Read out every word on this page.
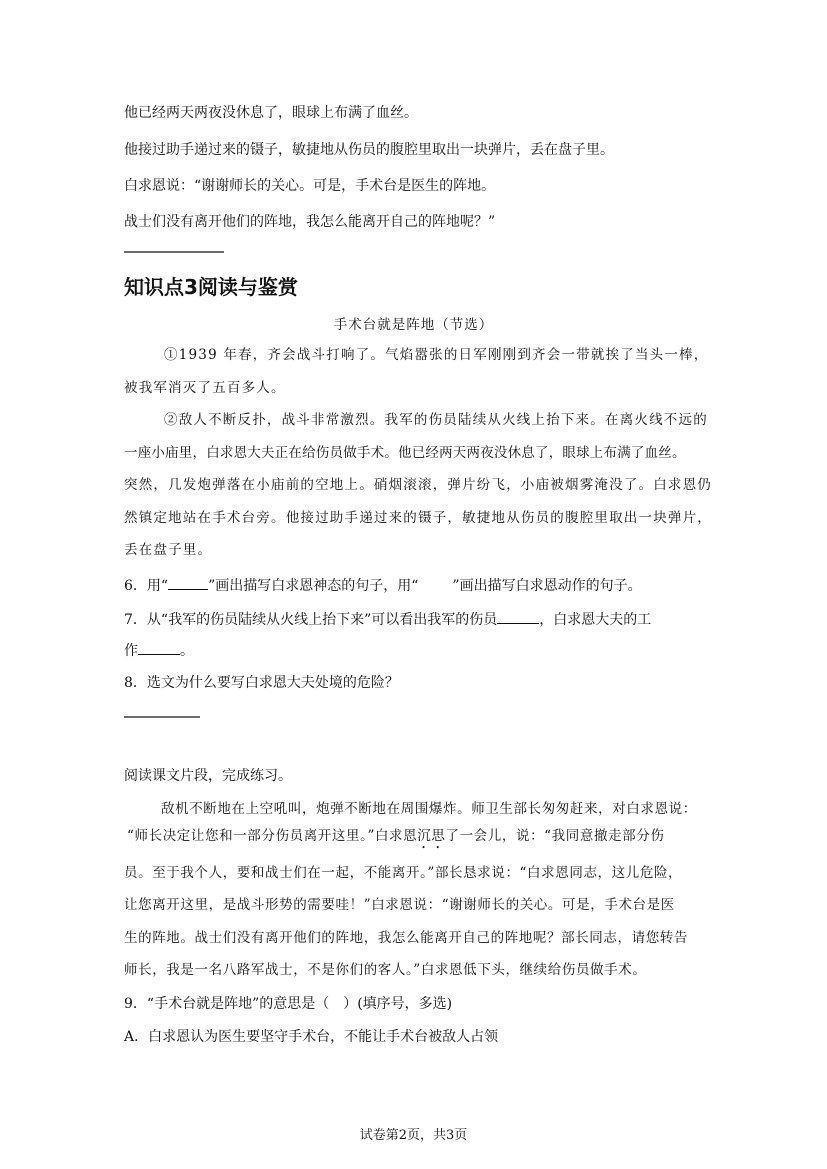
他已经两天两夜没休息了，眼球上布满了血丝。
他接过助手递过来的镊子，敏捷地从伤员的腹腔里取出一块弹片，丢在盘子里。
白求恩说：“谢谢师长的关心。可是，手术台是医生的阵地。
战士们没有离开他们的阵地，我怎么能离开自己的阵地呢？”
知识点3阅读与鉴赏
手术台就是阵地（节选）
①1939 年春，齐会战斗打响了。气焰嚣张的日军刚刚到齐会一带就挨了当头一棒，
被我军消灭了五百多人。
②敌人不断反扑，战斗非常激烈。我军的伤员陆续从火线上抬下来。在离火线不远的
一座小庙里，白求恩大夫正在给伤员做手术。他已经两天两夜没休息了，眼球上布满了血丝。
突然，几发炮弹落在小庙前的空地上。硝烟滚滚，弹片纷飞，小庙被烟雾淹没了。白求恩仍
然镇定地站在手术台旁。他接过助手递过来的镊子，敏捷地从伤员的腹腔里取出一块弹片，
丢在盘子里。
6．用“	”画出描写白求恩神态的句子，用“ ”画出描写白求恩动作的句子。
7．从“我军的伤员陆续从火线上抬下来”可以看出我军的伤员	，白求恩大夫的工
作	。
8．选文为什么要写白求恩大夫处境的危险？
阅读课文片段，完成练习。
敌机不断地在上空吼叫，炮弹不断地在周围爆炸。师卫生部长匆匆赶来，对白求恩说：
“师长决定让您和一部分伤员离开这里。”白求恩沉思了一会儿，说：“我同意撤走部分伤
员。至于我个人，要和战士们在一起，不能离开。”部长恳求说：“白求恩同志，这儿危险，
让您离开这里，是战斗形势的需要哇！”白求恩说：“谢谢师长的关心。可是，手术台是医
生的阵地。战士们没有离开他们的阵地，我怎么能离开自己的阵地呢？部长同志，请您转告
师长，我是一名八路军战士，不是你们的客人。”白求恩低下头，继续给伤员做手术。
9．“手术台就是阵地”的意思是（　）(填序号，多选)
A．白求恩认为医生要坚守手术台，不能让手术台被敌人占领
试卷第2页，共3页
